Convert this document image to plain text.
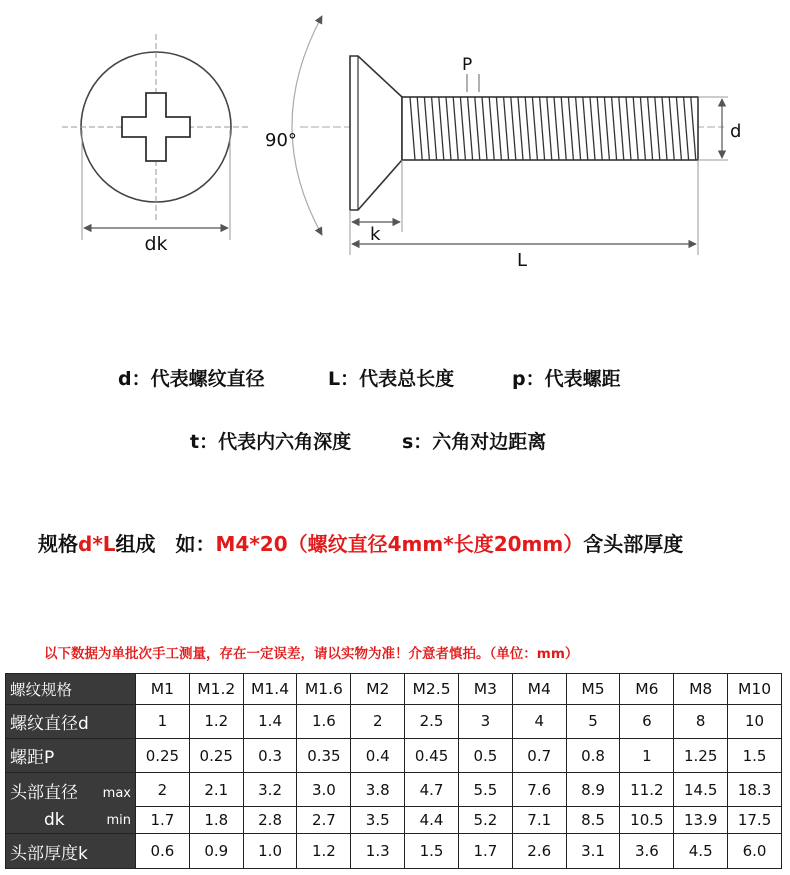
dk
90°
P
d
k
L
d：代表螺纹直径	L：代表总长度	p：代表螺距
t：代表内六角深度	s：六角对边距离
规格d*L组成　如：M4*20（螺纹直径4mm*长度20mm）含头部厚度
以下数据为单批次手工测量，存在一定误差，请以实物为准！介意者慎拍。（单位：mm）
螺纹规格	M1	M1.2	M1.4	M1.6	M2	M2.5	M3	M4	M5	M6	M8	M10
螺纹直径d	1	1.2	1.4	1.6	2	2.5	3	4	5	6	8	10
螺距P	0.25	0.25	0.3	0.35	0.4	0.45	0.5	0.7	0.8	1	1.25	1.5
头部直径 max	2	2.1	3.2	3.0	3.8	4.7	5.5	7.6	8.9	11.2	14.5	18.3
dk min	1.7	1.8	2.8	2.7	3.5	4.4	5.2	7.1	8.5	10.5	13.9	17.5
头部厚度k	0.6	0.9	1.0	1.2	1.3	1.5	1.7	2.6	3.1	3.6	4.5	6.0
